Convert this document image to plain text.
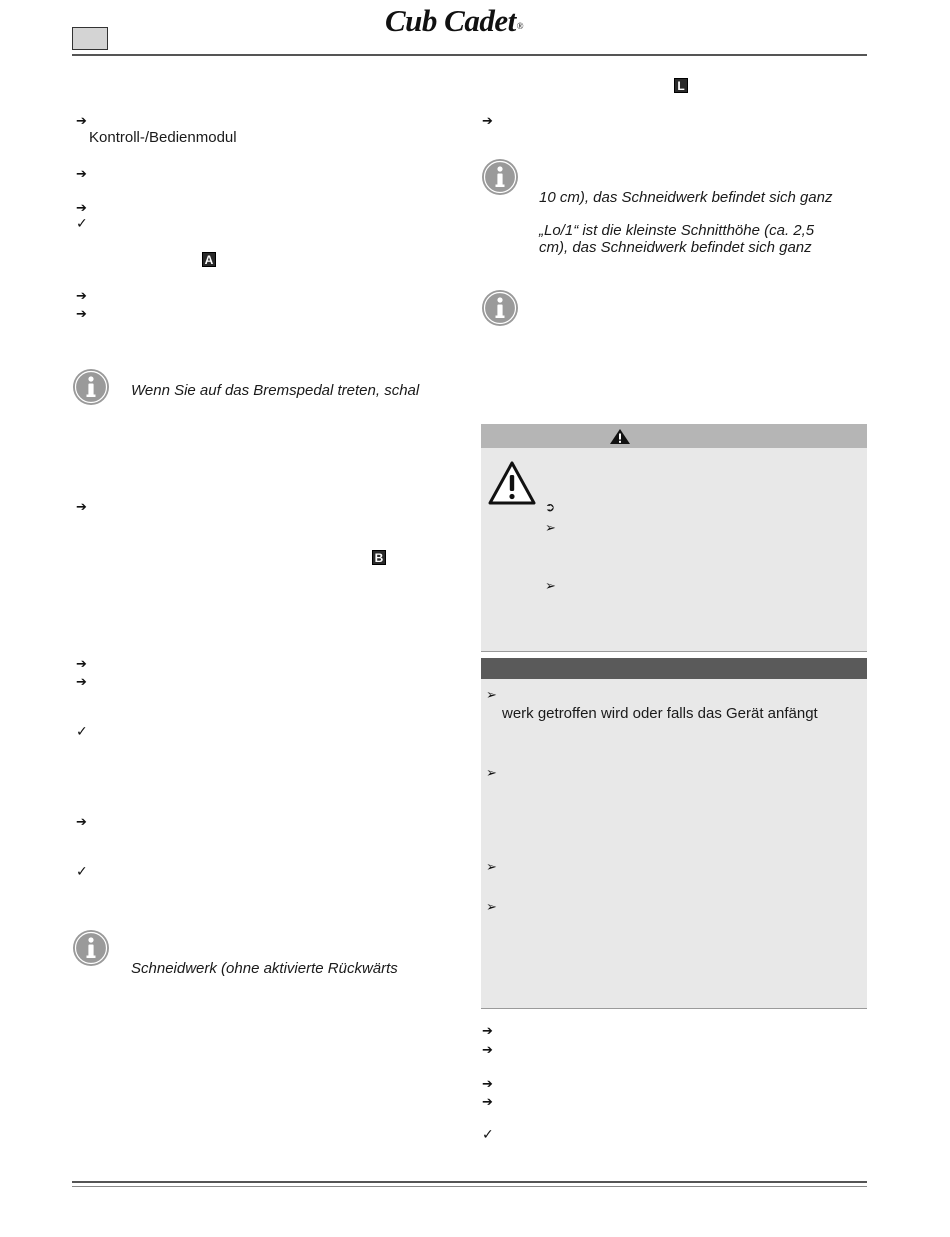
Cub Cadet®
➔
Kontroll-/Bedienmodul
➔
➔
✓
A
➔
➔
Wenn Sie auf das Bremspedal treten, schal
➔
B
➔
➔
✓
➔
✓
Schneidwerk (ohne aktivierte Rückwärts
L
➔
10 cm), das Schneidwerk befindet sich ganz
„Lo/1“ ist die kleinste Schnitthöhe (ca. 2,5
cm), das Schneidwerk befindet sich ganz
➲
➢
➢
➢
werk getroffen wird oder falls das Gerät anfängt
➢
➢
➢
➔
➔
➔
➔
✓
